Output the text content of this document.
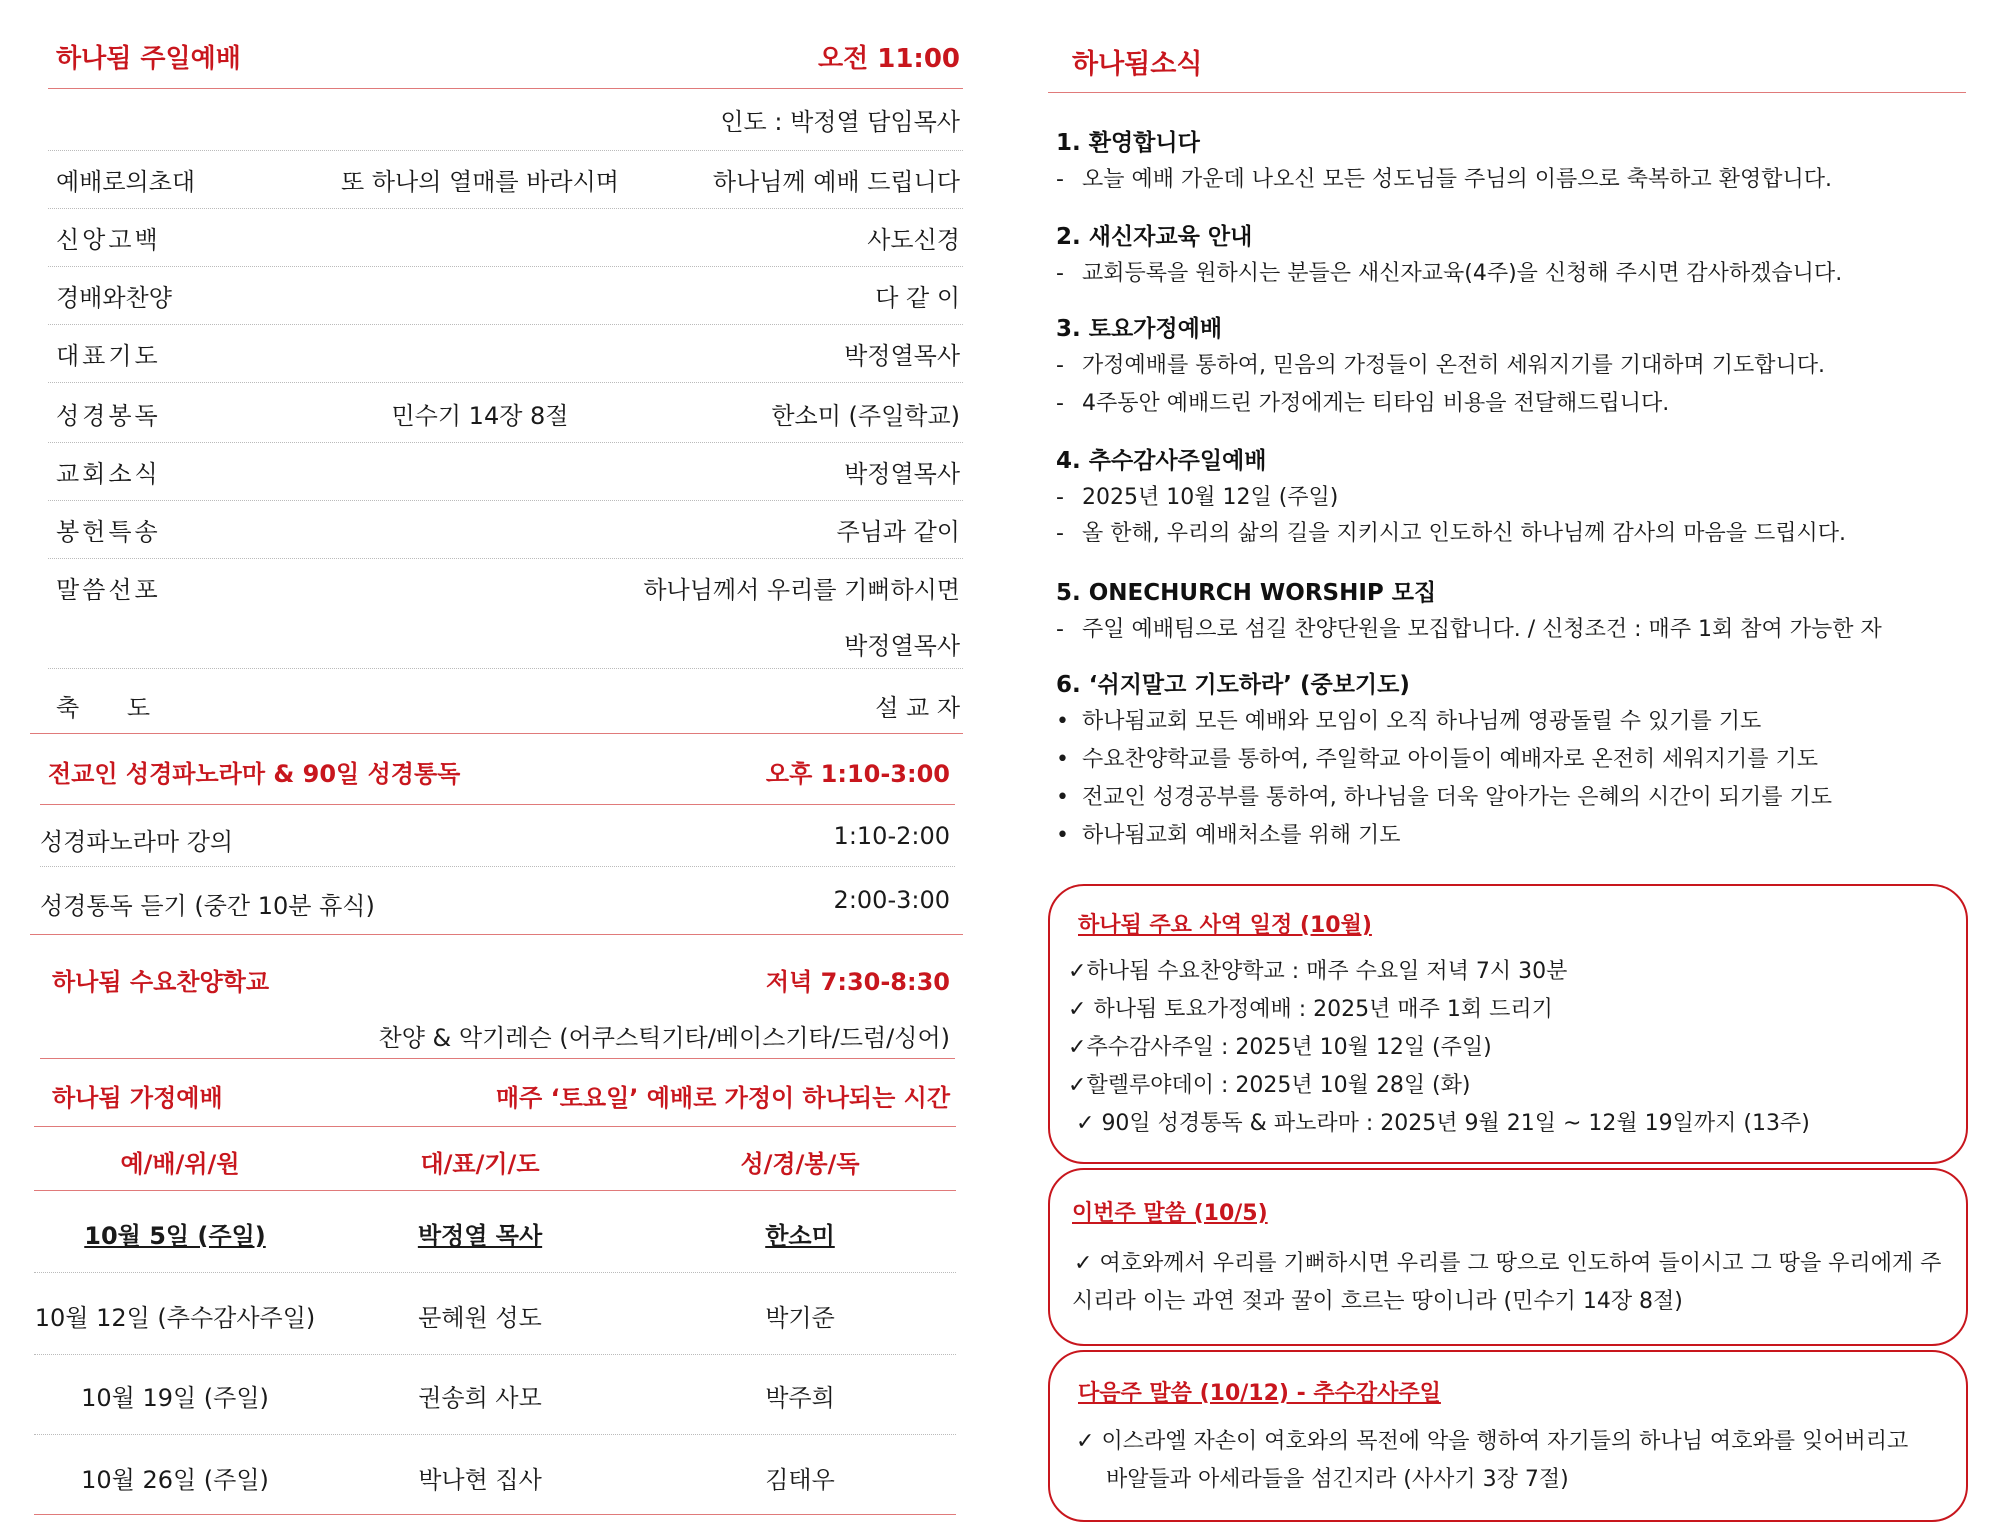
하나됨 주일예배	오전 11:00
인도 : 박정열 담임목사
예배로의초대	또 하나의 열매를 바라시며	하나님께 예배 드립니다
신앙고백	사도신경
경배와찬양	다 같 이
대표기도	박정열목사
성경봉독	민수기 14장 8절	한소미 (주일학교)
교회소식	박정열목사
봉헌특송	주님과 같이
말씀선포	하나님께서 우리를 기뻐하시면
박정열목사
축 도	설 교 자
전교인 성경파노라마 & 90일 성경통독	오후 1:10-3:00
성경파노라마 강의	1:10-2:00
성경통독 듣기 (중간 10분 휴식)	2:00-3:00
하나됨 수요찬양학교	저녁 7:30-8:30
찬양 & 악기레슨 (어쿠스틱기타/베이스기타/드럼/싱어)
하나됨 가정예배	매주 ‘토요일’ 예배로 가정이 하나되는 시간
예/배/위/원	대/표/기/도	성/경/봉/독
10월 5일 (주일)	박정열 목사	한소미
10월 12일 (추수감사주일)	문혜원 성도	박기준
10월 19일 (주일)	권송희 사모	박주희
10월 26일 (주일)	박나현 집사	김태우
하나됨소식
1. 환영합니다
- 오늘 예배 가운데 나오신 모든 성도님들 주님의 이름으로 축복하고 환영합니다.
2. 새신자교육 안내
- 교회등록을 원하시는 분들은 새신자교육(4주)을 신청해 주시면 감사하겠습니다.
3. 토요가정예배
- 가정예배를 통하여, 믿음의 가정들이 온전히 세워지기를 기대하며 기도합니다.
- 4주동안 예배드린 가정에게는 티타임 비용을 전달해드립니다.
4. 추수감사주일예배
- 2025년 10월 12일 (주일)
- 올 한해, 우리의 삶의 길을 지키시고 인도하신 하나님께 감사의 마음을 드립시다.
5. ONECHURCH WORSHIP 모집
- 주일 예배팀으로 섬길 찬양단원을 모집합니다. / 신청조건 : 매주 1회 참여 가능한 자
6. ‘쉬지말고 기도하라’ (중보기도)
• 하나됨교회 모든 예배와 모임이 오직 하나님께 영광돌릴 수 있기를 기도
• 수요찬양학교를 통하여, 주일학교 아이들이 예배자로 온전히 세워지기를 기도
• 전교인 성경공부를 통하여, 하나님을 더욱 알아가는 은혜의 시간이 되기를 기도
• 하나됨교회 예배처소를 위해 기도
하나됨 주요 사역 일정 (10월)
✓하나됨 수요찬양학교 : 매주 수요일 저녁 7시 30분
✓ 하나됨 토요가정예배 : 2025년 매주 1회 드리기
✓추수감사주일 : 2025년 10월 12일 (주일)
✓할렐루야데이 : 2025년 10월 28일 (화)
✓ 90일 성경통독 & 파노라마 : 2025년 9월 21일 ~ 12월 19일까지 (13주)
이번주 말씀 (10/5)
✓ 여호와께서 우리를 기뻐하시면 우리를 그 땅으로 인도하여 들이시고 그 땅을 우리에게 주
시리라 이는 과연 젖과 꿀이 흐르는 땅이니라 (민수기 14장 8절)
다음주 말씀 (10/12) - 추수감사주일
✓ 이스라엘 자손이 여호와의 목전에 악을 행하여 자기들의 하나님 여호와를 잊어버리고
바알들과 아세라들을 섬긴지라 (사사기 3장 7절)
